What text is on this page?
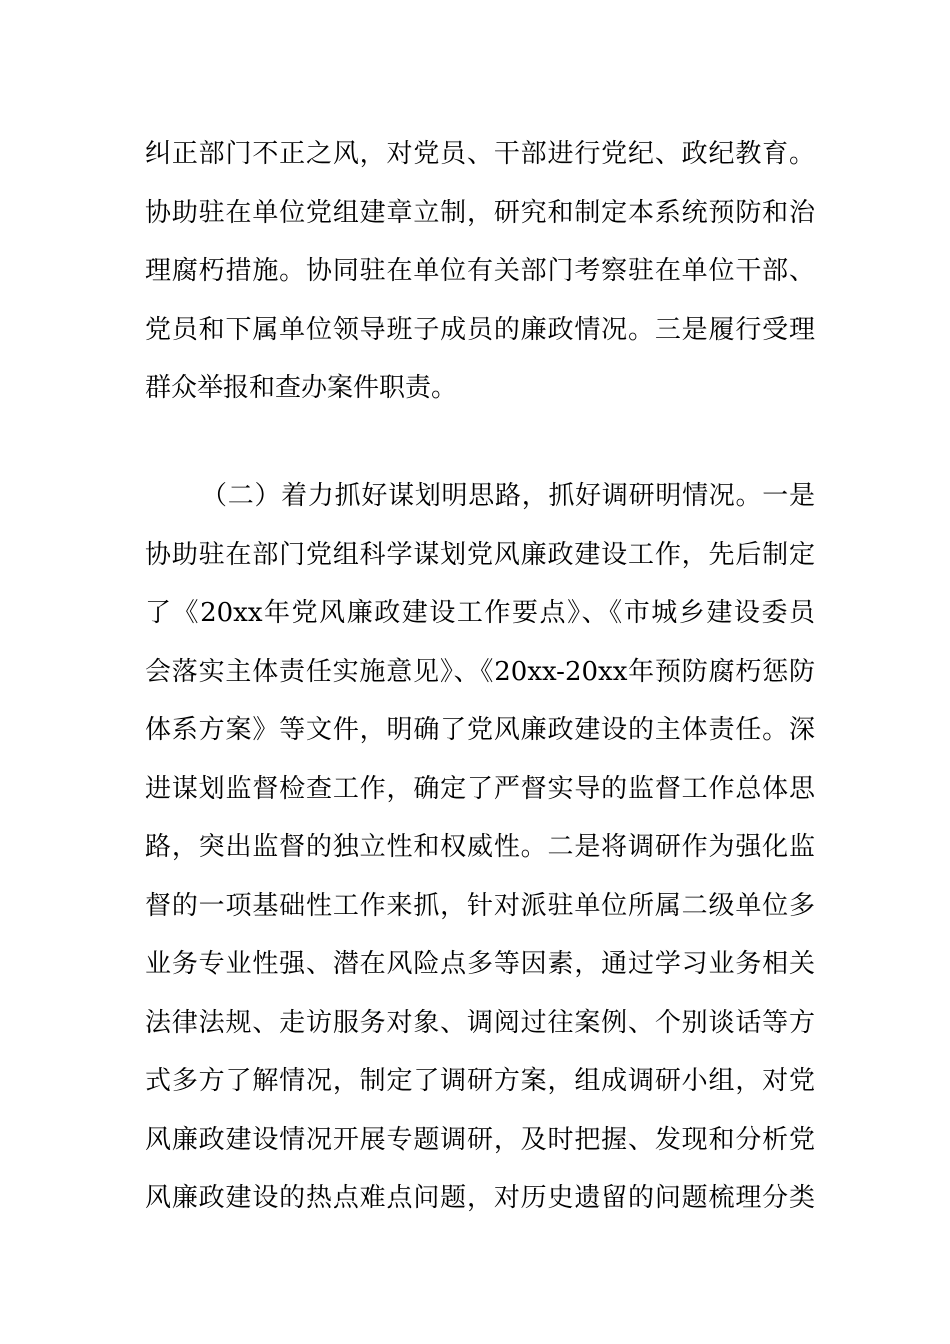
纠正部门不正之风，对党员、干部进行党纪、政纪教育。
协助驻在单位党组建章立制，研究和制定本系统预防和治
理腐朽措施。协同驻在单位有关部门考察驻在单位干部、
党员和下属单位领导班子成员的廉政情况。三是履行受理
群众举报和查办案件职责。
（二）着力抓好谋划明思路，抓好调研明情况。一是
协助驻在部门党组科学谋划党风廉政建设工作，先后制定
了《20xx年党风廉政建设工作要点》、《市城乡建设委员
会落实主体责任实施意见》、《20xx-20xx年预防腐朽惩防
体系方案》等文件，明确了党风廉政建设的主体责任。深
进谋划监督检查工作，确定了严督实导的监督工作总体思
路，突出监督的独立性和权威性。二是将调研作为强化监
督的一项基础性工作来抓，针对派驻单位所属二级单位多
业务专业性强、潜在风险点多等因素，通过学习业务相关
法律法规、走访服务对象、调阅过往案例、个别谈话等方
式多方了解情况，制定了调研方案，组成调研小组，对党
风廉政建设情况开展专题调研，及时把握、发现和分析党
风廉政建设的热点难点问题，对历史遗留的问题梳理分类
